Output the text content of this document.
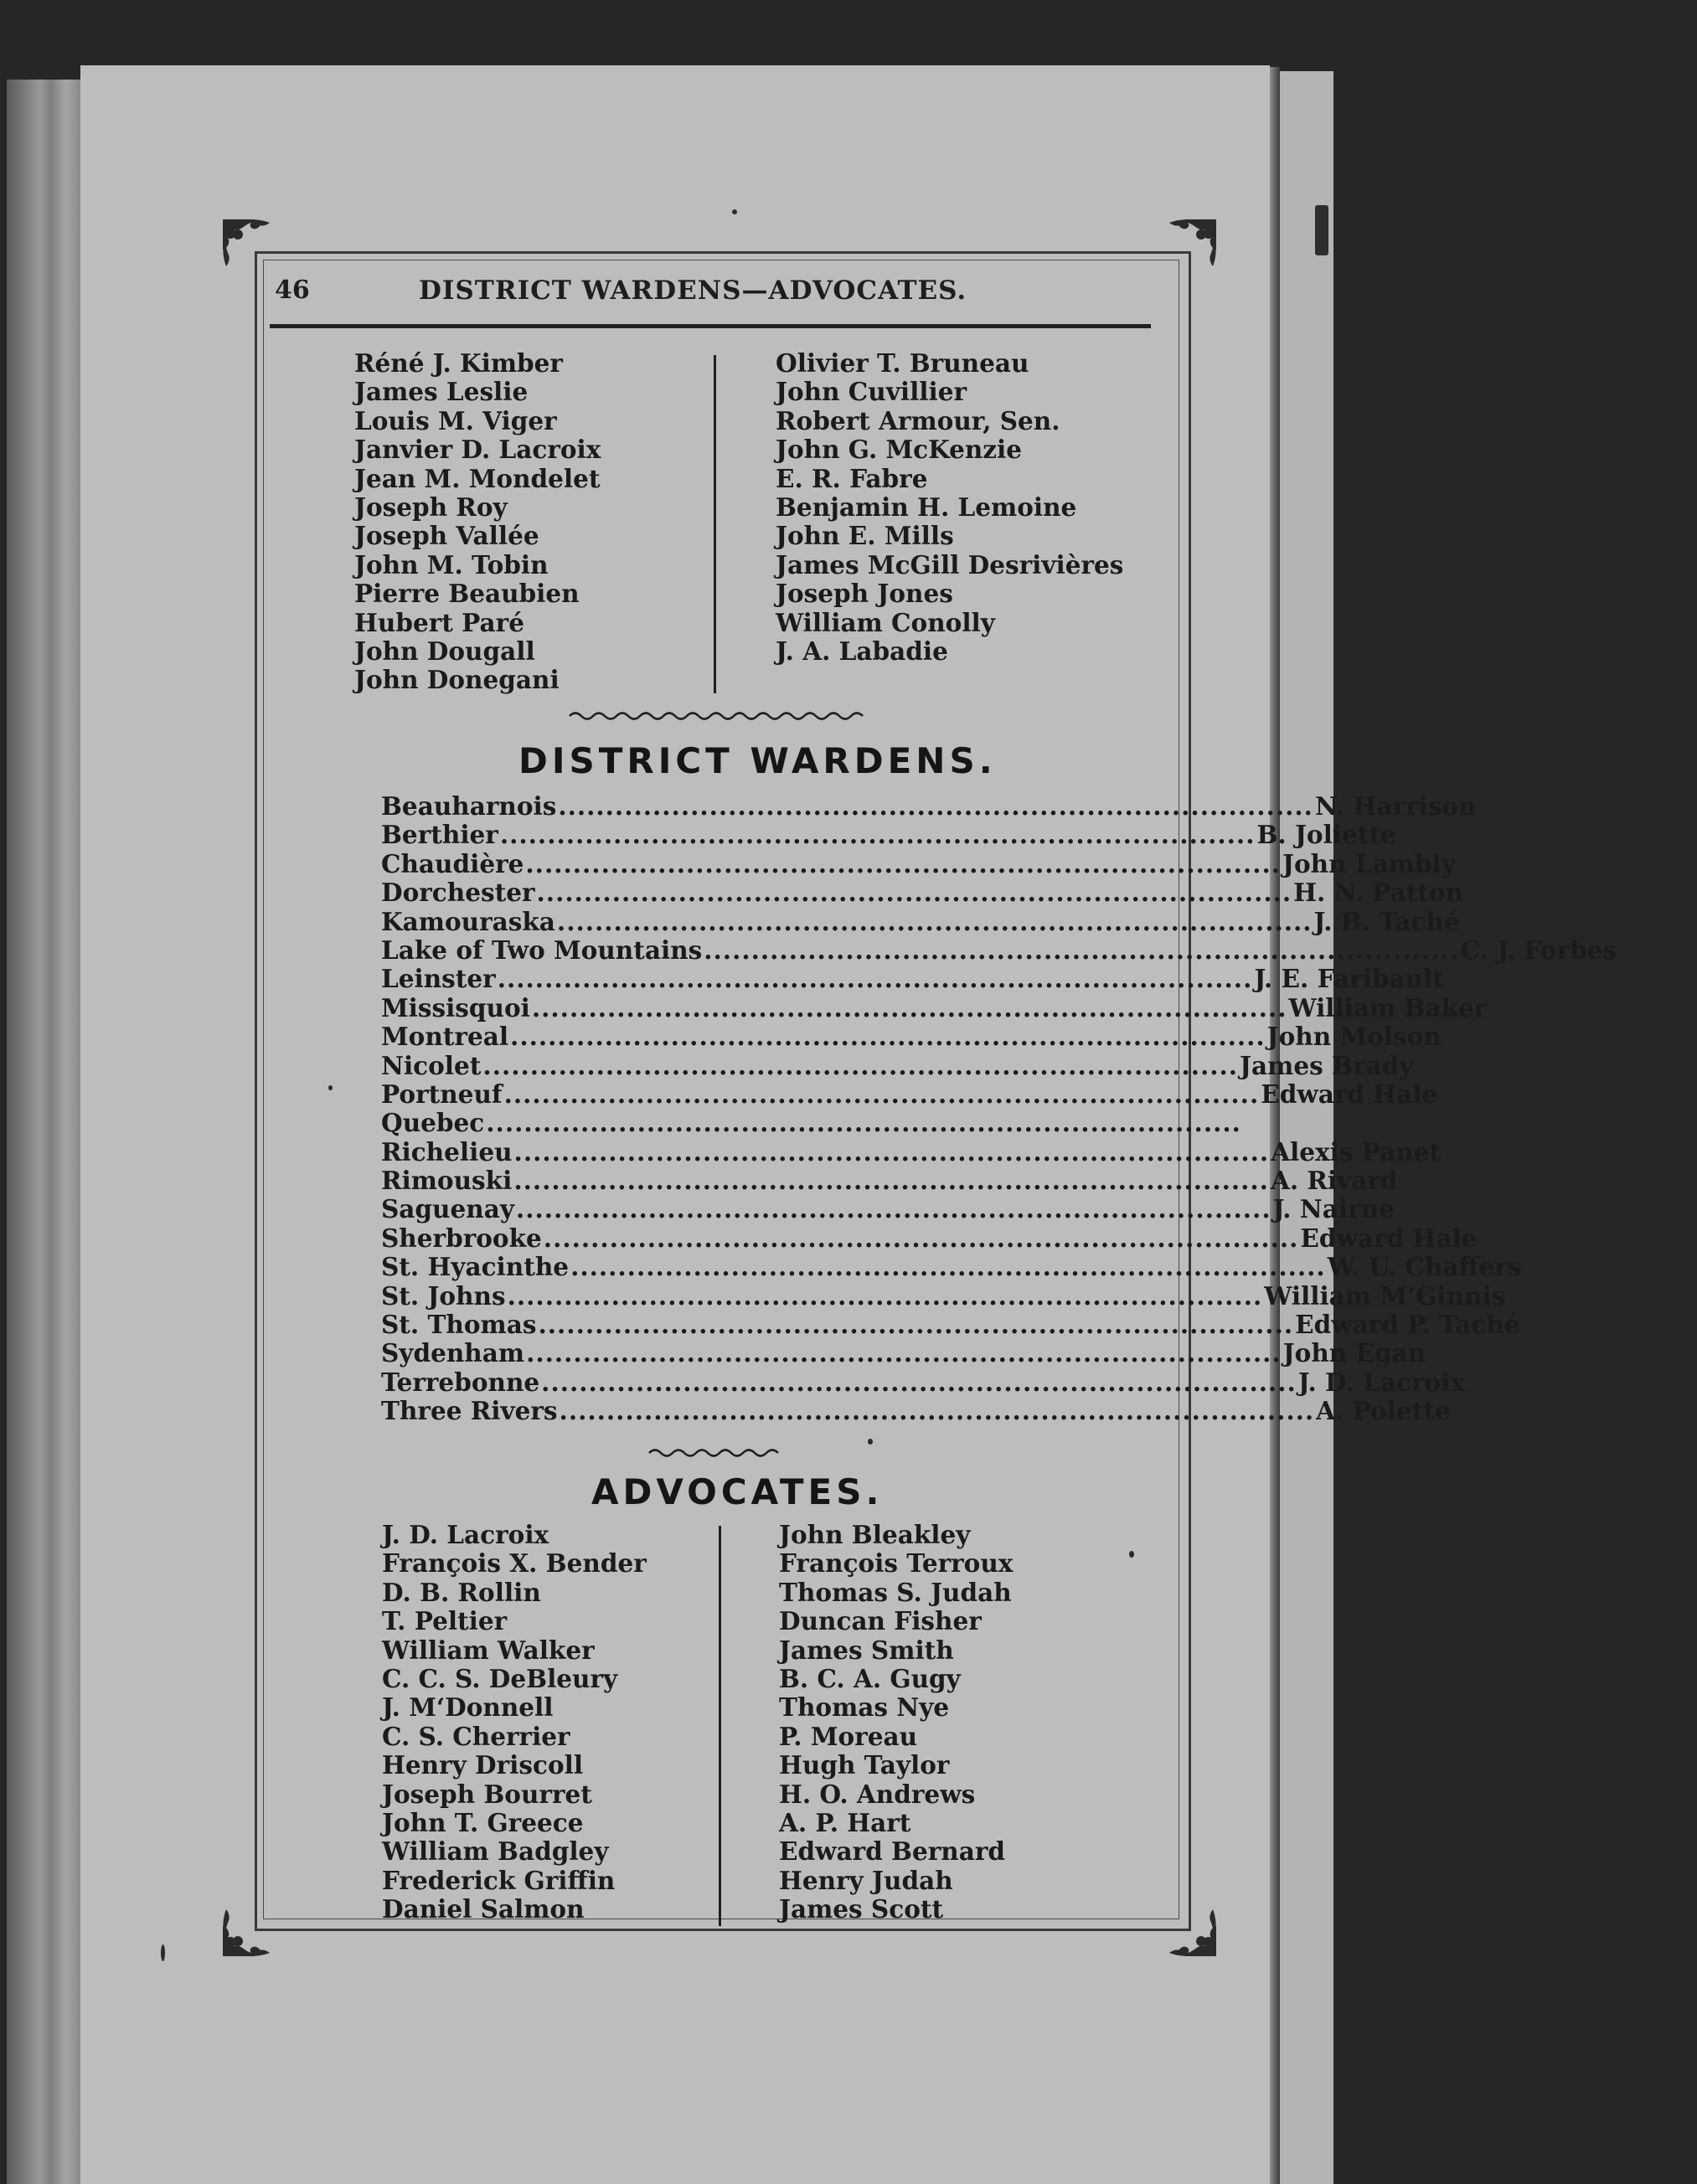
46	DISTRICT WARDENS—ADVOCATES.
Réné J. Kimber
James Leslie
Louis M. Viger
Janvier D. Lacroix
Jean M. Mondelet
Joseph Roy
Joseph Vallée
John M. Tobin
Pierre Beaubien
Hubert Paré
John Dougall
John Donegani
Olivier T. Bruneau
John Cuvillier
Robert Armour, Sen.
John G. McKenzie
E. R. Fabre
Benjamin H. Lemoine
John E. Mills
James McGill Desrivières
Joseph Jones
William Conolly
J. A. Labadie
DISTRICT WARDENS.
Beauharnois ................................................................................ N. Harrison
Berthier ................................................................................ B. Joliette
Chaudière ................................................................................ John Lambly
Dorchester ................................................................................ H. N. Patton
Kamouraska ................................................................................ J. B. Taché
Lake of Two Mountains ................................................................................ C. J. Forbes
Leinster ................................................................................ J. E. Faribault
Missisquoi ................................................................................ William Baker
Montreal ................................................................................ John Molson
Nicolet ................................................................................ James Brady
Portneuf ................................................................................ Edward Hale
Quebec ................................................................................
Richelieu ................................................................................ Alexis Panet
Rimouski ................................................................................ A. Rivard
Saguenay ................................................................................ J. Nairne
Sherbrooke ................................................................................ Edward Hale
St. Hyacinthe ................................................................................ W. U. Chaffers
St. Johns ................................................................................ William M‘Ginnis
St. Thomas ................................................................................ Edward P. Taché
Sydenham ................................................................................ John Egan
Terrebonne ................................................................................ J. D. Lacroix
Three Rivers ................................................................................ A. Polette
ADVOCATES.
J. D. Lacroix
François X. Bender
D. B. Rollin
T. Peltier
William Walker
C. C. S. DeBleury
J. M‘Donnell
C. S. Cherrier
Henry Driscoll
Joseph Bourret
John T. Greece
William Badgley
Frederick Griffin
Daniel Salmon
John Bleakley
François Terroux
Thomas S. Judah
Duncan Fisher
James Smith
B. C. A. Gugy
Thomas Nye
P. Moreau
Hugh Taylor
H. O. Andrews
A. P. Hart
Edward Bernard
Henry Judah
James Scott
